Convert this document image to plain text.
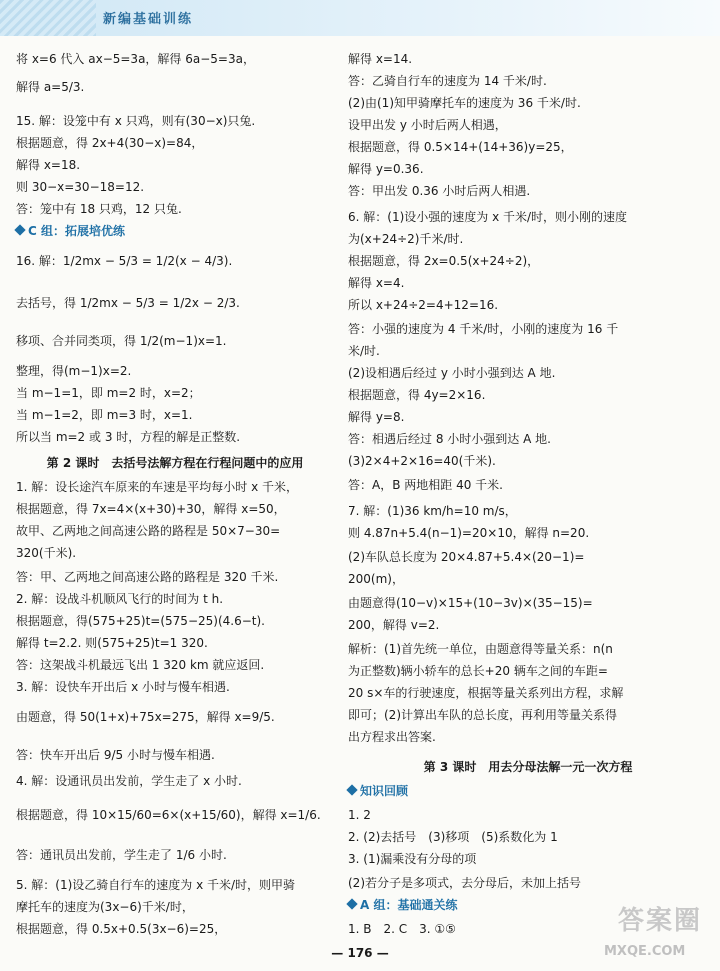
新编基础训练
将 x=6 代入 ax−5=3a，解得 6a−5=3a，
解得 a=5/3.
15. 解：设笼中有 x 只鸡，则有(30−x)只兔.
根据题意，得 2x+4(30−x)=84，
解得 x=18.
则 30−x=30−18=12.
答：笼中有 18 只鸡，12 只兔.
C 组：拓展培优练
16. 解：1/2mx − 5/3 = 1/2(x − 4/3).
去括号，得 1/2mx − 5/3 = 1/2x − 2/3.
移项、合并同类项，得 1/2(m−1)x=1.
整理，得(m−1)x=2.
当 m−1=1，即 m=2 时，x=2；
当 m−1=2，即 m=3 时，x=1.
所以当 m=2 或 3 时，方程的解是正整数.
第 2 课时　去括号法解方程在行程问题中的应用
1. 解：设长途汽车原来的车速是平均每小时 x 千米，
根据题意，得 7x=4×(x+30)+30，解得 x=50，
故甲、乙两地之间高速公路的路程是 50×7−30=
320(千米).
答：甲、乙两地之间高速公路的路程是 320 千米.
2. 解：设战斗机顺风飞行的时间为 t h.
根据题意，得(575+25)t=(575−25)(4.6−t).
解得 t=2.2. 则(575+25)t=1 320.
答：这架战斗机最远飞出 1 320 km 就应返回.
3. 解：设快车开出后 x 小时与慢车相遇.
由题意，得 50(1+x)+75x=275，解得 x=9/5.
答：快车开出后 9/5 小时与慢车相遇.
4. 解：设通讯员出发前，学生走了 x 小时.
根据题意，得 10×15/60=6×(x+15/60)，解得 x=1/6.
答：通讯员出发前，学生走了 1/6 小时.
5. 解：(1)设乙骑自行车的速度为 x 千米/时，则甲骑
摩托车的速度为(3x−6)千米/时，
根据题意，得 0.5x+0.5(3x−6)=25，
解得 x=14.
答：乙骑自行车的速度为 14 千米/时.
(2)由(1)知甲骑摩托车的速度为 36 千米/时.
设甲出发 y 小时后两人相遇，
根据题意，得 0.5×14+(14+36)y=25，
解得 y=0.36.
答：甲出发 0.36 小时后两人相遇.
6. 解：(1)设小强的速度为 x 千米/时，则小刚的速度
为(x+24÷2)千米/时.
根据题意，得 2x=0.5(x+24÷2)，
解得 x=4.
所以 x+24÷2=4+12=16.
答：小强的速度为 4 千米/时，小刚的速度为 16 千
米/时.
(2)设相遇后经过 y 小时小强到达 A 地.
根据题意，得 4y=2×16.
解得 y=8.
答：相遇后经过 8 小时小强到达 A 地.
(3)2×4+2×16=40(千米).
答：A，B 两地相距 40 千米.
7. 解：(1)36 km/h=10 m/s，
则 4.87n+5.4(n−1)=20×10，解得 n=20.
(2)车队总长度为 20×4.87+5.4×(20−1)=
200(m)，
由题意得(10−v)×15+(10−3v)×(35−15)=
200，解得 v=2.
解析：(1)首先统一单位，由题意得等量关系：n(n
为正整数)辆小轿车的总长+20 辆车之间的车距=
20 s×车的行驶速度，根据等量关系列出方程，求解
即可；(2)计算出车队的总长度，再利用等量关系得
出方程求出答案.
第 3 课时　用去分母法解一元一次方程
知识回顾
1. 2
2. (2)去括号　(3)移项　(5)系数化为 1
3. (1)漏乘没有分母的项
(2)若分子是多项式，去分母后，未加上括号
A 组：基础通关练
1. B　2. C　3. ①⑤
— 176 —
答案圈
MXQE.COM
